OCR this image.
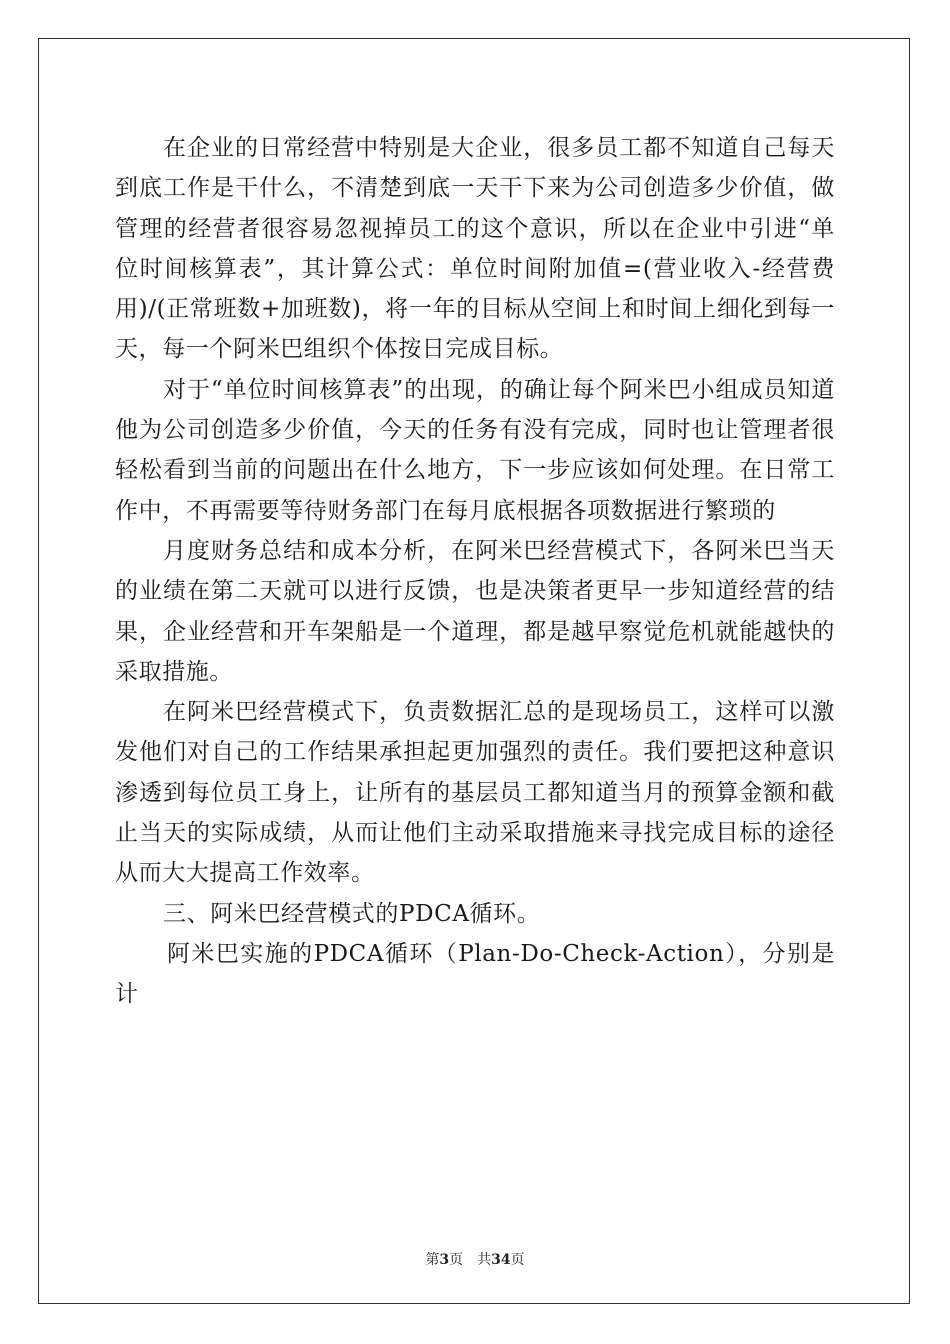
在企业的日常经营中特别是大企业，很多员工都不知道自己每天到底工作是干什么，不清楚到底一天干下来为公司创造多少价值，做管理的经营者很容易忽视掉员工的这个意识，所以在企业中引进“单位时间核算表”，其计算公式：单位时间附加值=(营业收入-经营费用)/(正常班数+加班数)，将一年的目标从空间上和时间上细化到每一天，每一个阿米巴组织个体按日完成目标。

对于“单位时间核算表”的出现，的确让每个阿米巴小组成员知道他为公司创造多少价值，今天的任务有没有完成，同时也让管理者很轻松看到当前的问题出在什么地方，下一步应该如何处理。在日常工作中，不再需要等待财务部门在每月底根据各项数据进行繁琐的

月度财务总结和成本分析，在阿米巴经营模式下，各阿米巴当天的业绩在第二天就可以进行反馈，也是决策者更早一步知道经营的结果，企业经营和开车架船是一个道理，都是越早察觉危机就能越快的采取措施。

在阿米巴经营模式下，负责数据汇总的是现场员工，这样可以激发他们对自己的工作结果承担起更加强烈的责任。我们要把这种意识渗透到每位员工身上，让所有的基层员工都知道当月的预算金额和截止当天的实际成绩，从而让他们主动采取措施来寻找完成目标的途径从而大大提高工作效率。

三、阿米巴经营模式的PDCA循环。

阿米巴实施的PDCA循环（Plan-Do-Check-Action），分别是计

第3页 共34页
